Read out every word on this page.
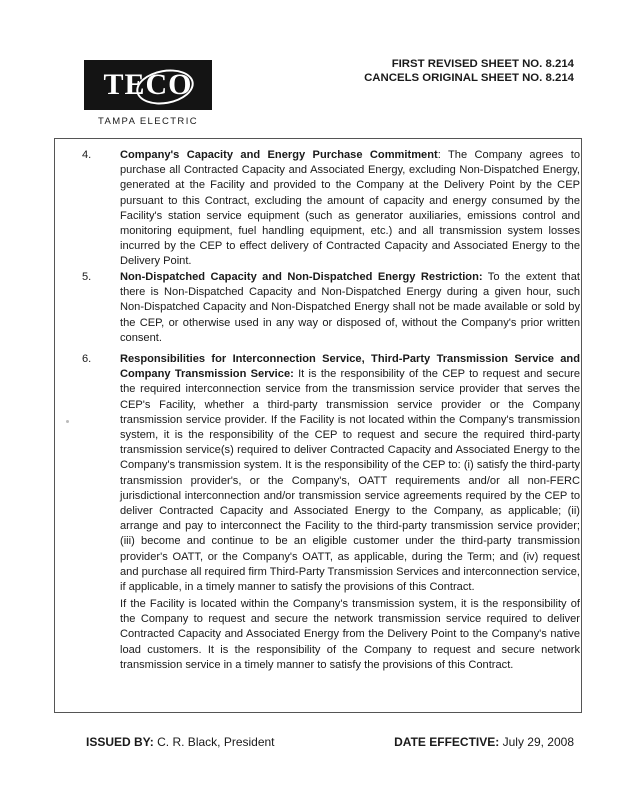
TECO
TAMPA ELECTRIC
FIRST REVISED SHEET NO. 8.214
CANCELS ORIGINAL SHEET NO. 8.214
4.	Company's Capacity and Energy Purchase Commitment: The Company agrees to purchase all Contracted Capacity and Associated Energy, excluding Non-Dispatched Energy, generated at the Facility and provided to the Company at the Delivery Point by the CEP pursuant to this Contract, excluding the amount of capacity and energy consumed by the Facility's station service equipment (such as generator auxiliaries, emissions control and monitoring equipment, fuel handling equipment, etc.) and all transmission system losses incurred by the CEP to effect delivery of Contracted Capacity and Associated Energy to the Delivery Point.
5.	Non-Dispatched Capacity and Non-Dispatched Energy Restriction: To the extent that there is Non-Dispatched Capacity and Non-Dispatched Energy during a given hour, such Non-Dispatched Capacity and Non-Dispatched Energy shall not be made available or sold by the CEP, or otherwise used in any way or disposed of, without the Company's prior written consent.
6.	Responsibilities for Interconnection Service, Third-Party Transmission Service and Company Transmission Service: It is the responsibility of the CEP to request and secure the required interconnection service from the transmission service provider that serves the CEP's Facility, whether a third-party transmission service provider or the Company transmission service provider. If the Facility is not located within the Company's transmission system, it is the responsibility of the CEP to request and secure the required third-party transmission service(s) required to deliver Contracted Capacity and Associated Energy to the Company's transmission system. It is the responsibility of the CEP to: (i) satisfy the third-party transmission provider's, or the Company's, OATT requirements and/or all non-FERC jurisdictional interconnection and/or transmission service agreements required by the CEP to deliver Contracted Capacity and Associated Energy to the Company, as applicable; (ii) arrange and pay to interconnect the Facility to the third-party transmission service provider; (iii) become and continue to be an eligible customer under the third-party transmission provider's OATT, or the Company's OATT, as applicable, during the Term; and (iv) request and purchase all required firm Third-Party Transmission Services and interconnection service, if applicable, in a timely manner to satisfy the provisions of this Contract.
If the Facility is located within the Company's transmission system, it is the responsibility of the Company to request and secure the network transmission service required to deliver Contracted Capacity and Associated Energy from the Delivery Point to the Company's native load customers. It is the responsibility of the Company to request and secure network transmission service in a timely manner to satisfy the provisions of this Contract.
ISSUED BY: C. R. Black, President	DATE EFFECTIVE: July 29, 2008
